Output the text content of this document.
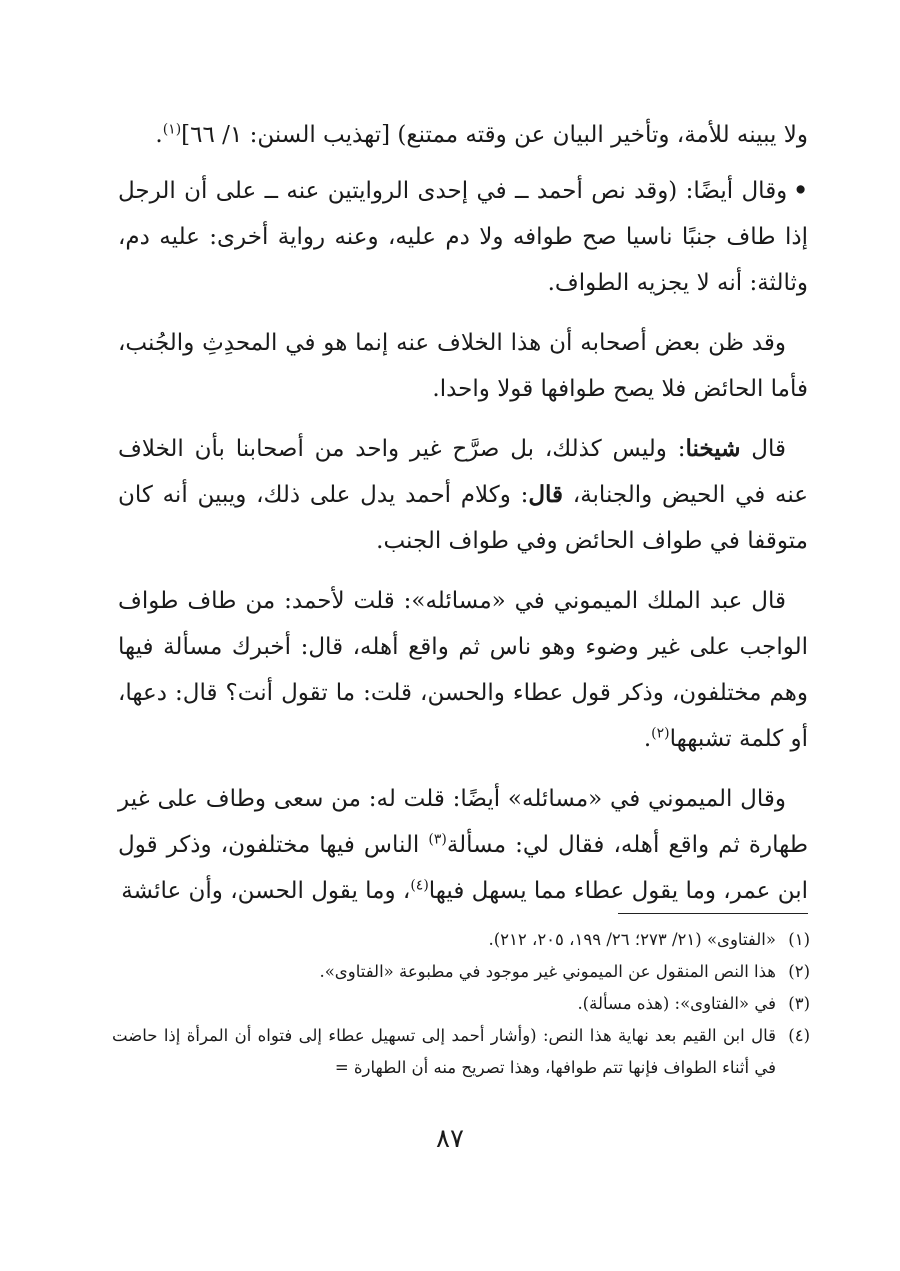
ولا يبينه للأمة، وتأخير البيان عن وقته ممتنع) [تهذيب السنن: ١/ ٦٦]$^{(١)}$.

•وقال أيضًا: (وقد نص أحمد ــ في إحدى الروايتين عنه ــ على أن الرجل إذا طاف جنبًا ناسيا صح طوافه ولا دم عليه، وعنه رواية أخرى: عليه دم، وثالثة: أنه لا يجزيه الطواف.

وقد ظن بعض أصحابه أن هذا الخلاف عنه إنما هو في المحدِثِ والجُنب، فأما الحائض فلا يصح طوافها قولا واحدا.

قال شيخنا: وليس كذلك، بل صرَّح غير واحد من أصحابنا بأن الخلاف عنه في الحيض والجنابة، قال: وكلام أحمد يدل على ذلك، ويبين أنه كان متوقفا في طواف الحائض وفي طواف الجنب.

قال عبد الملك الميموني في «مسائله»: قلت لأحمد: من طاف طواف الواجب على غير وضوء وهو ناس ثم واقع أهله، قال: أخبرك مسألة فيها وهم مختلفون، وذكر قول عطاء والحسن، قلت: ما تقول أنت؟ قال: دعها، أو كلمة تشبهها$^{(٢)}$.

وقال الميموني في «مسائله» أيضًا: قلت له: من سعى وطاف على غير طهارة ثم واقع أهله، فقال لي: مسألة$^{(٣)}$ الناس فيها مختلفون، وذكر قول ابن عمر، وما يقول عطاء مما يسهل فيها$^{(٤)}$، وما يقول الحسن، وأن عائشة

(١)
«الفتاوى» (٢١/ ٢٧٣؛ ٢٦/ ١٩٩، ٢٠٥، ٢١٢).
(٢)
هذا النص المنقول عن الميموني غير موجود في مطبوعة «الفتاوى».
(٣)
في «الفتاوى»: (هذه مسألة).
(٤)
قال ابن القيم بعد نهاية هذا النص: (وأشار أحمد إلى تسهيل عطاء إلى فتواه أن المرأة إذا حاضت في أثناء الطواف فإنها تتم طوافها، وهذا تصريح منه أن الطهارة =
٨٧
